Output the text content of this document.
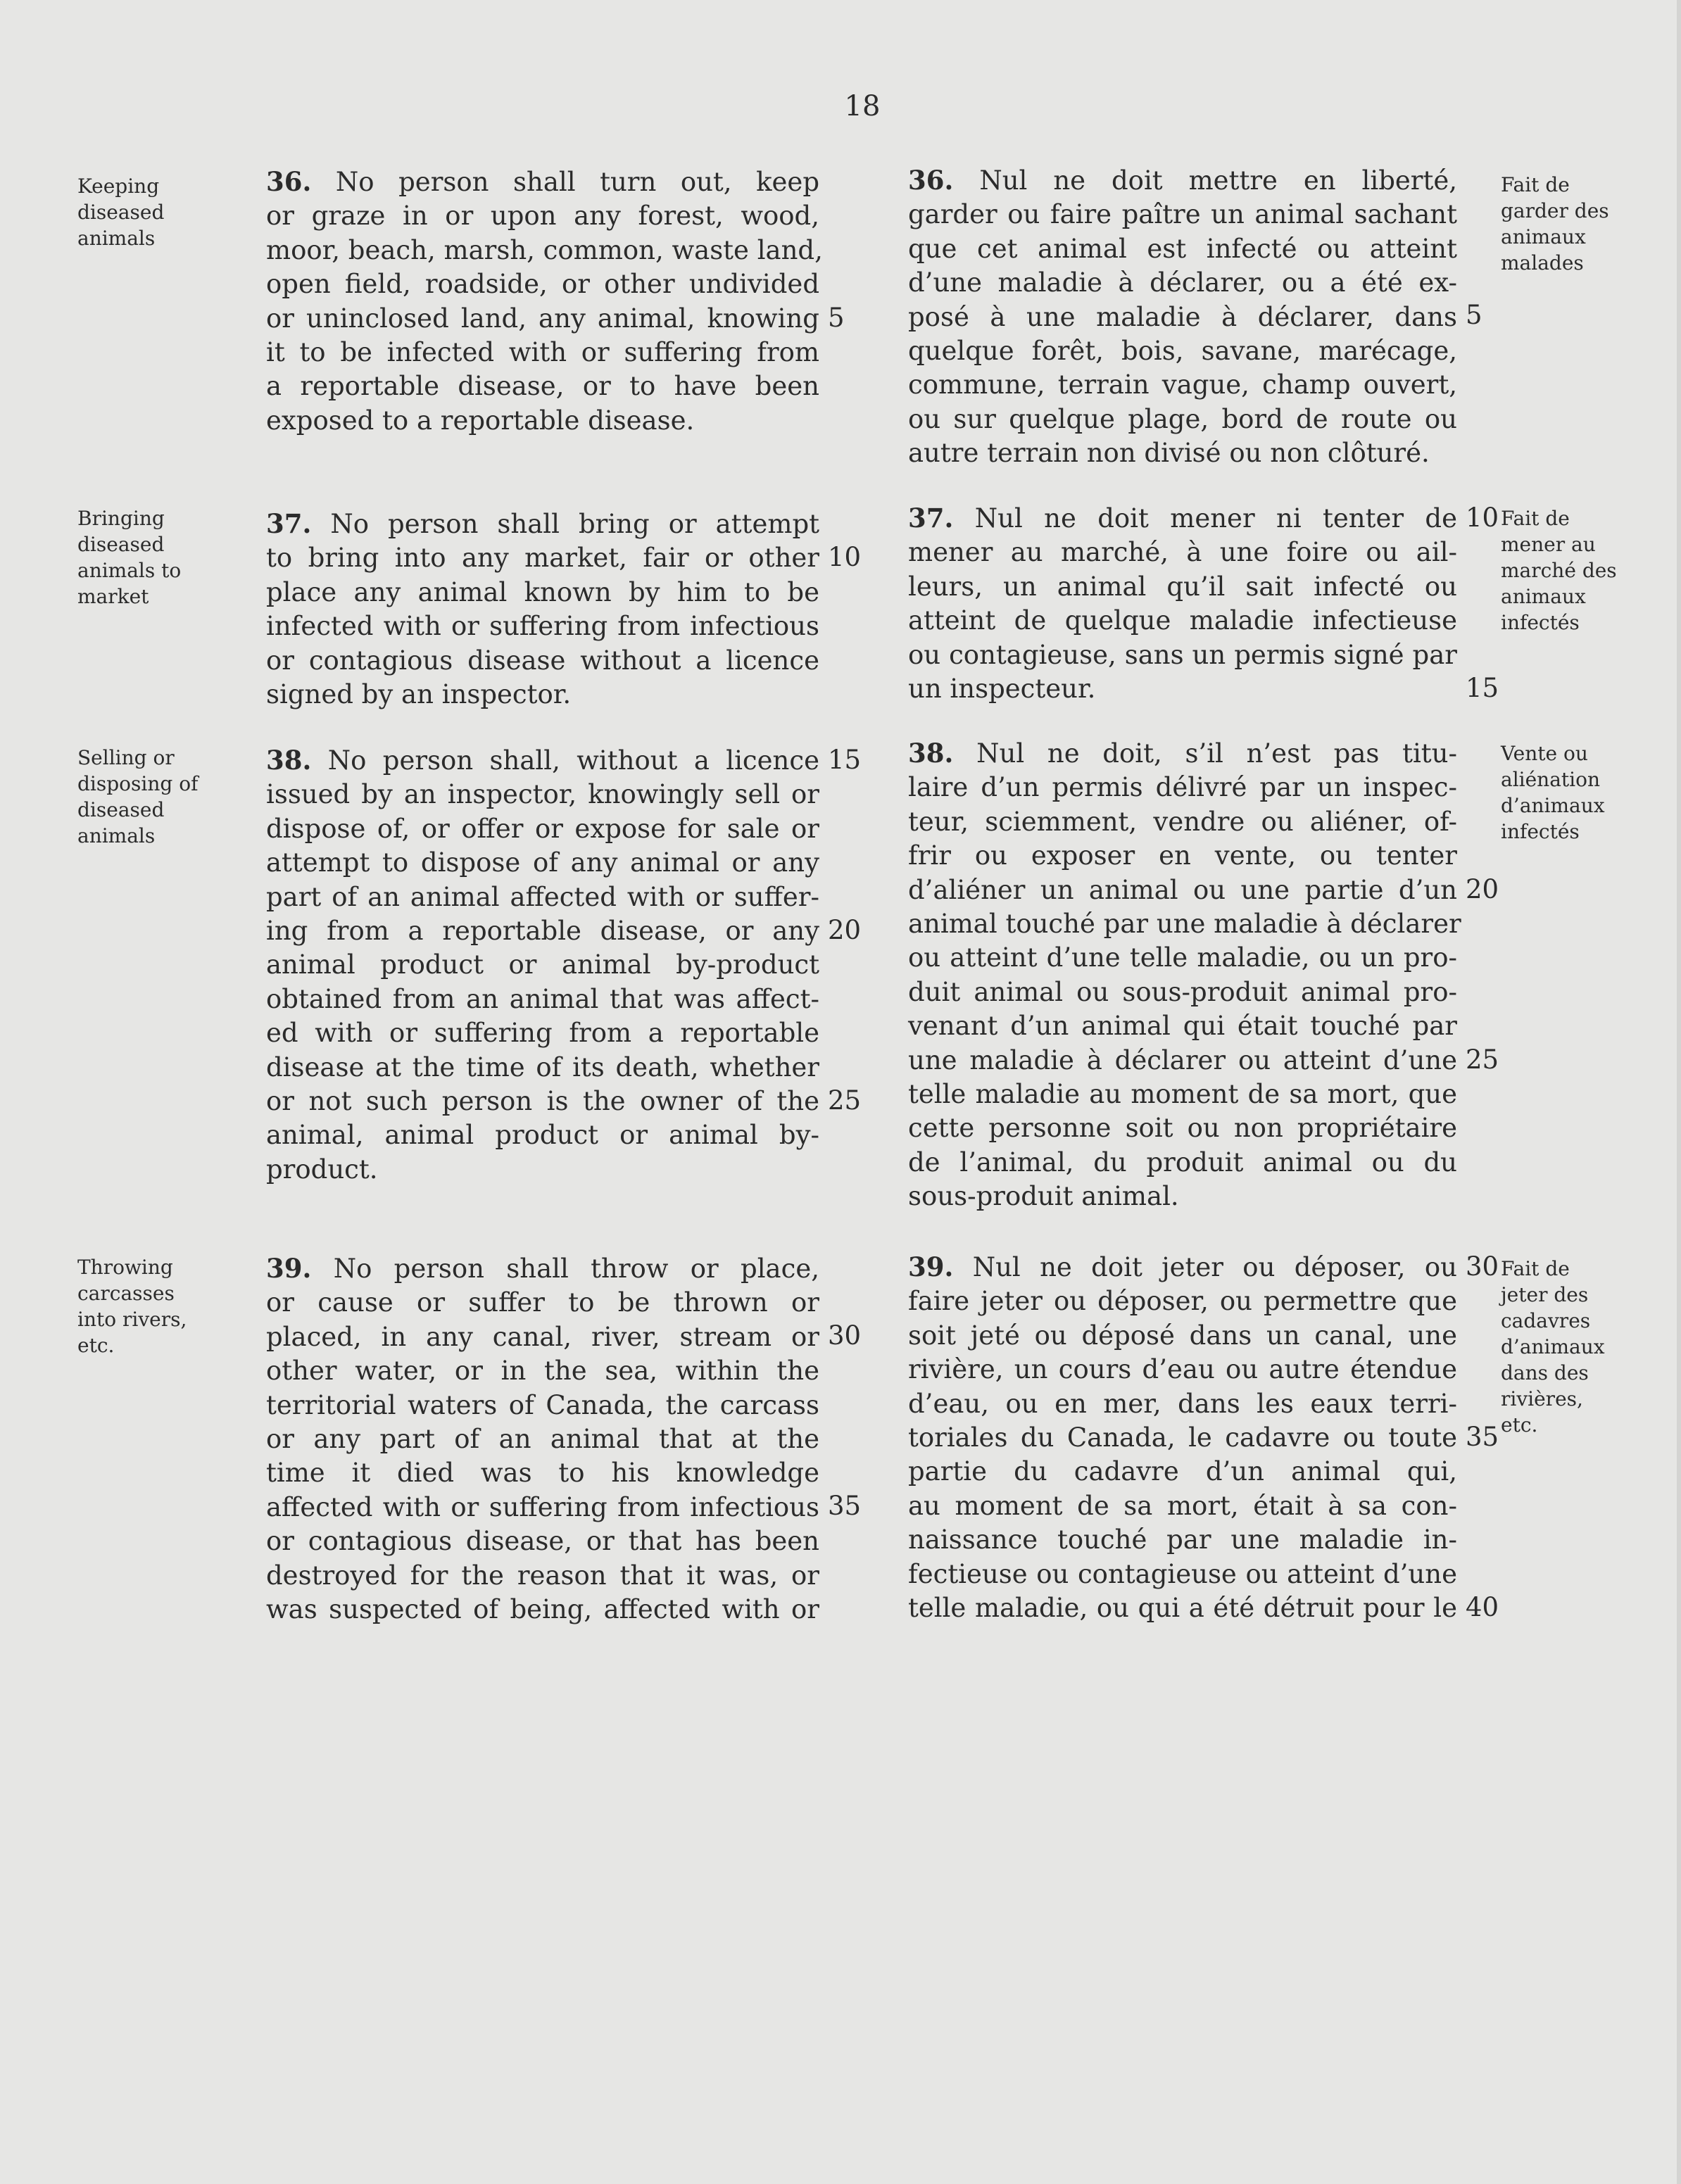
18
Keeping
diseased
animals
36. No person shall turn out, keep
or graze in or upon any forest, wood,
moor, beach, marsh, common, waste land,
open field, roadside, or other undivided
or uninclosed land, any animal, knowing
it to be infected with or suffering from
a reportable disease, or to have been
exposed to a reportable disease.
36. Nul ne doit mettre en liberté,
garder ou faire paître un animal sachant
que cet animal est infecté ou atteint
d’une maladie à déclarer, ou a été ex-
posé à une maladie à déclarer, dans
quelque forêt, bois, savane, marécage,
commune, terrain vague, champ ouvert,
ou sur quelque plage, bord de route ou
autre terrain non divisé ou non clôturé.
Fait de
garder des
animaux
malades
Bringing
diseased
animals to
market
37. No person shall bring or attempt
to bring into any market, fair or other
place any animal known by him to be
infected with or suffering from infectious
or contagious disease without a licence
signed by an inspector.
37. Nul ne doit mener ni tenter de
mener au marché, à une foire ou ail-
leurs, un animal qu’il sait infecté ou
atteint de quelque maladie infectieuse
ou contagieuse, sans un permis signé par
un inspecteur.
Fait de
mener au
marché des
animaux
infectés
Selling or
disposing of
diseased
animals
38. No person shall, without a licence
issued by an inspector, knowingly sell or
dispose of, or offer or expose for sale or
attempt to dispose of any animal or any
part of an animal affected with or suffer-
ing from a reportable disease, or any
animal product or animal by-product
obtained from an animal that was affect-
ed with or suffering from a reportable
disease at the time of its death, whether
or not such person is the owner of the
animal, animal product or animal by-
product.
38. Nul ne doit, s’il n’est pas titu-
laire d’un permis délivré par un inspec-
teur, sciemment, vendre ou aliéner, of-
frir ou exposer en vente, ou tenter
d’aliéner un animal ou une partie d’un
animal touché par une maladie à déclarer
ou atteint d’une telle maladie, ou un pro-
duit animal ou sous-produit animal pro-
venant d’un animal qui était touché par
une maladie à déclarer ou atteint d’une
telle maladie au moment de sa mort, que
cette personne soit ou non propriétaire
de l’animal, du produit animal ou du
sous-produit animal.
Vente ou
aliénation
d’animaux
infectés
Throwing
carcasses
into rivers,
etc.
39. No person shall throw or place,
or cause or suffer to be thrown or
placed, in any canal, river, stream or
other water, or in the sea, within the
territorial waters of Canada, the carcass
or any part of an animal that at the
time it died was to his knowledge
affected with or suffering from infectious
or contagious disease, or that has been
destroyed for the reason that it was, or
was suspected of being, affected with or
39. Nul ne doit jeter ou déposer, ou
faire jeter ou déposer, ou permettre que
soit jeté ou déposé dans un canal, une
rivière, un cours d’eau ou autre étendue
d’eau, ou en mer, dans les eaux terri-
toriales du Canada, le cadavre ou toute
partie du cadavre d’un animal qui,
au moment de sa mort, était à sa con-
naissance touché par une maladie in-
fectieuse ou contagieuse ou atteint d’une
telle maladie, ou qui a été détruit pour le
Fait de
jeter des
cadavres
d’animaux
dans des
rivières,
etc.
5
10
15
20
25
30
35
5
10
15
20
25
30
35
40
